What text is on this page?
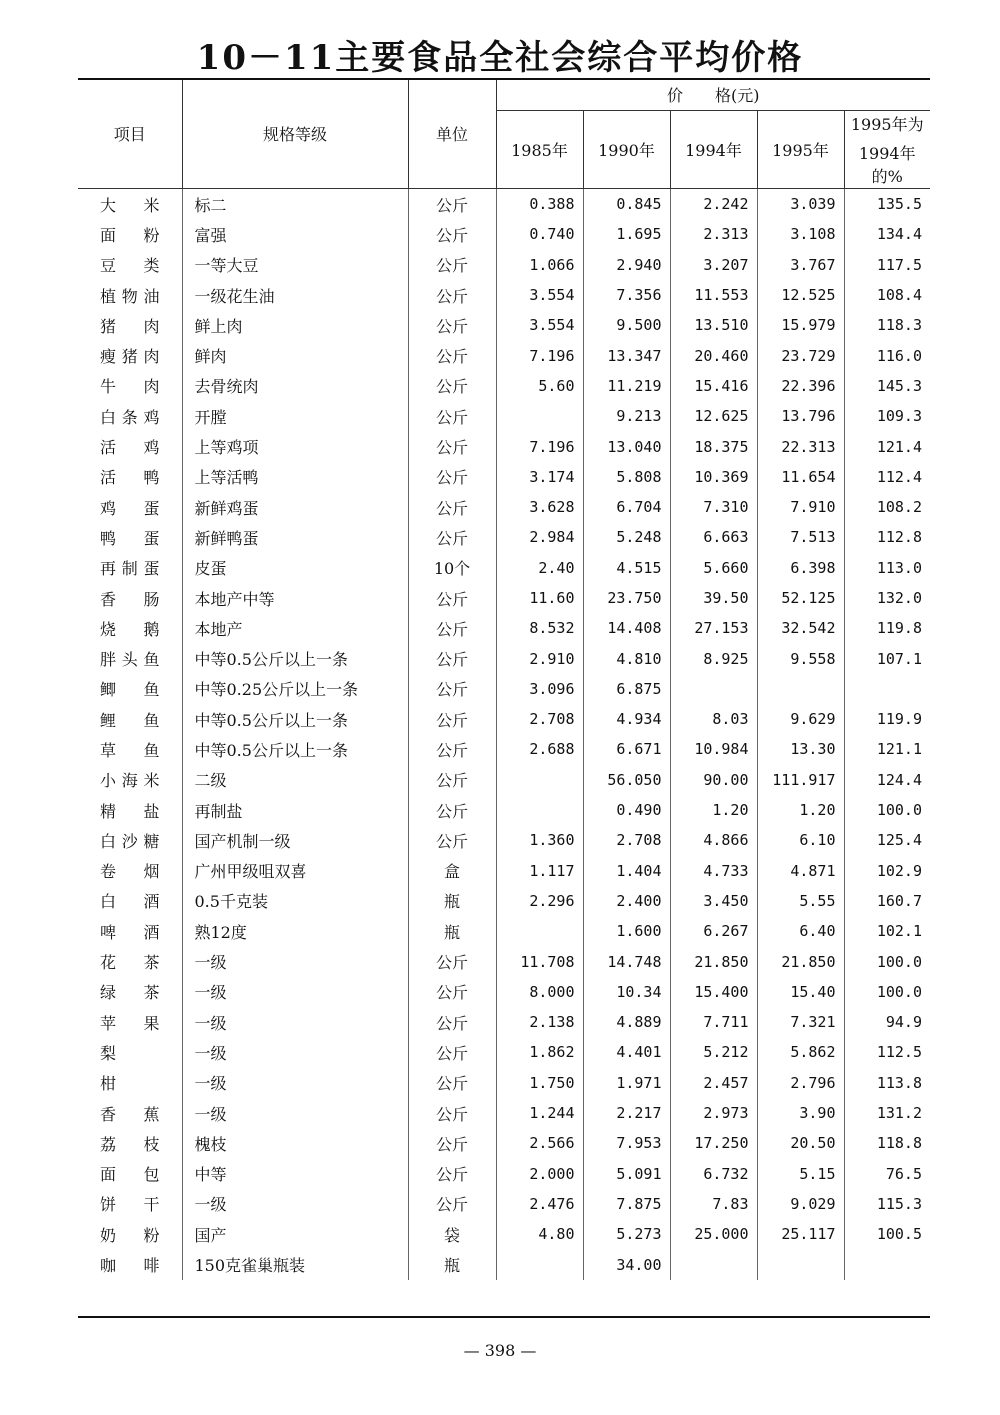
10－11主要食品全社会综合平均价格
项目	规格等级	单位	价　　格(元)				
			1985年	1990年	1994年	1995年	1995年为
1994年的%

大米	标二	公斤	0.388	0.845	2.242	3.039	135.5
面粉	富强	公斤	0.740	1.695	2.313	3.108	134.4
豆类	一等大豆	公斤	1.066	2.940	3.207	3.767	117.5
植物油	一级花生油	公斤	3.554	7.356	11.553	12.525	108.4
猪肉	鲜上肉	公斤	3.554	9.500	13.510	15.979	118.3
瘦猪肉	鲜肉	公斤	7.196	13.347	20.460	23.729	116.0
牛肉	去骨统肉	公斤	5.60	11.219	15.416	22.396	145.3
白条鸡	开膛	公斤		9.213	12.625	13.796	109.3
活鸡	上等鸡项	公斤	7.196	13.040	18.375	22.313	121.4
活鸭	上等活鸭	公斤	3.174	5.808	10.369	11.654	112.4
鸡蛋	新鲜鸡蛋	公斤	3.628	6.704	7.310	7.910	108.2
鸭蛋	新鲜鸭蛋	公斤	2.984	5.248	6.663	7.513	112.8
再制蛋	皮蛋	10个	2.40	4.515	5.660	6.398	113.0
香肠	本地产中等	公斤	11.60	23.750	39.50	52.125	132.0
烧鹅	本地产	公斤	8.532	14.408	27.153	32.542	119.8
胖头鱼	中等0.5公斤以上一条	公斤	2.910	4.810	8.925	9.558	107.1
鲫鱼	中等0.25公斤以上一条	公斤	3.096	6.875			
鲤鱼	中等0.5公斤以上一条	公斤	2.708	4.934	8.03	9.629	119.9
草鱼	中等0.5公斤以上一条	公斤	2.688	6.671	10.984	13.30	121.1
小海米	二级	公斤		56.050	90.00	111.917	124.4
精盐	再制盐	公斤		0.490	1.20	1.20	100.0
白沙糖	国产机制一级	公斤	1.360	2.708	4.866	6.10	125.4
卷烟	广州甲级咀双喜	盒	1.117	1.404	4.733	4.871	102.9
白酒	0.5千克装	瓶	2.296	2.400	3.450	5.55	160.7
啤酒	熟12度	瓶		1.600	6.267	6.40	102.1
花茶	一级	公斤	11.708	14.748	21.850	21.850	100.0
绿茶	一级	公斤	8.000	10.34	15.400	15.40	100.0
苹果	一级	公斤	2.138	4.889	7.711	7.321	94.9
梨	一级	公斤	1.862	4.401	5.212	5.862	112.5
柑	一级	公斤	1.750	1.971	2.457	2.796	113.8
香蕉	一级	公斤	1.244	2.217	2.973	3.90	131.2
荔枝	槐枝	公斤	2.566	7.953	17.250	20.50	118.8
面包	中等	公斤	2.000	5.091	6.732	5.15	76.5
饼干	一级	公斤	2.476	7.875	7.83	9.029	115.3
奶粉	国产	袋	4.80	5.273	25.000	25.117	100.5
咖啡	150克雀巢瓶装	瓶		34.00			
— 398 —
